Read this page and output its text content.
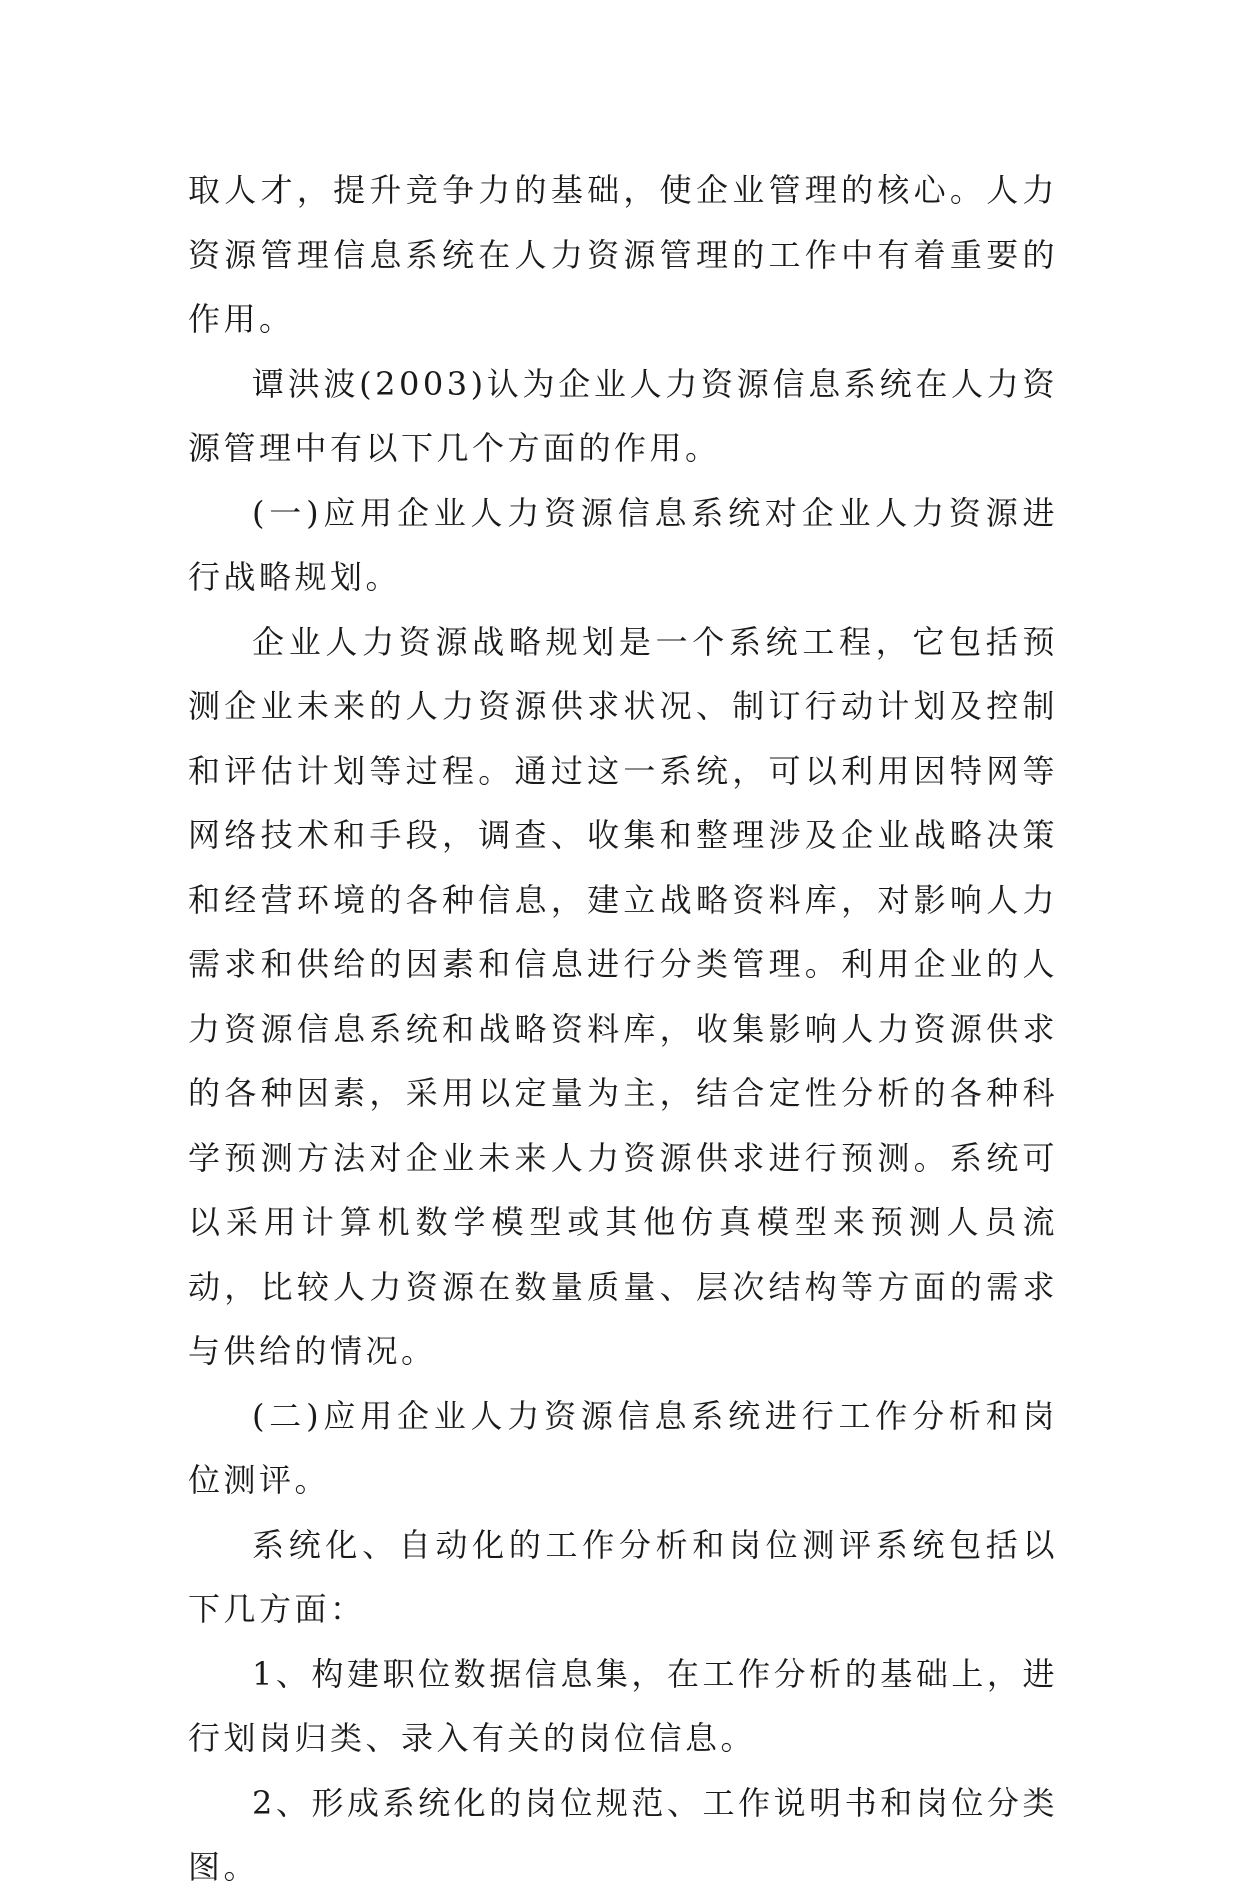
取人才，提升竞争力的基础，使企业管理的核心。人力资源管理信息系统在人力资源管理的工作中有着重要的作用。

谭洪波(2003)认为企业人力资源信息系统在人力资源管理中有以下几个方面的作用。

(一)应用企业人力资源信息系统对企业人力资源进行战略规划。

企业人力资源战略规划是一个系统工程，它包括预测企业未来的人力资源供求状况、制订行动计划及控制和评估计划等过程。通过这一系统，可以利用因特网等网络技术和手段，调查、收集和整理涉及企业战略决策和经营环境的各种信息，建立战略资料库，对影响人力需求和供给的因素和信息进行分类管理。利用企业的人力资源信息系统和战略资料库，收集影响人力资源供求的各种因素，采用以定量为主，结合定性分析的各种科学预测方法对企业未来人力资源供求进行预测。系统可以采用计算机数学模型或其他仿真模型来预测人员流动，比较人力资源在数量质量、层次结构等方面的需求与供给的情况。

(二)应用企业人力资源信息系统进行工作分析和岗位测评。

系统化、自动化的工作分析和岗位测评系统包括以下几方面：

1、构建职位数据信息集，在工作分析的基础上，进行划岗归类、录入有关的岗位信息。

2、形成系统化的岗位规范、工作说明书和岗位分类图。
